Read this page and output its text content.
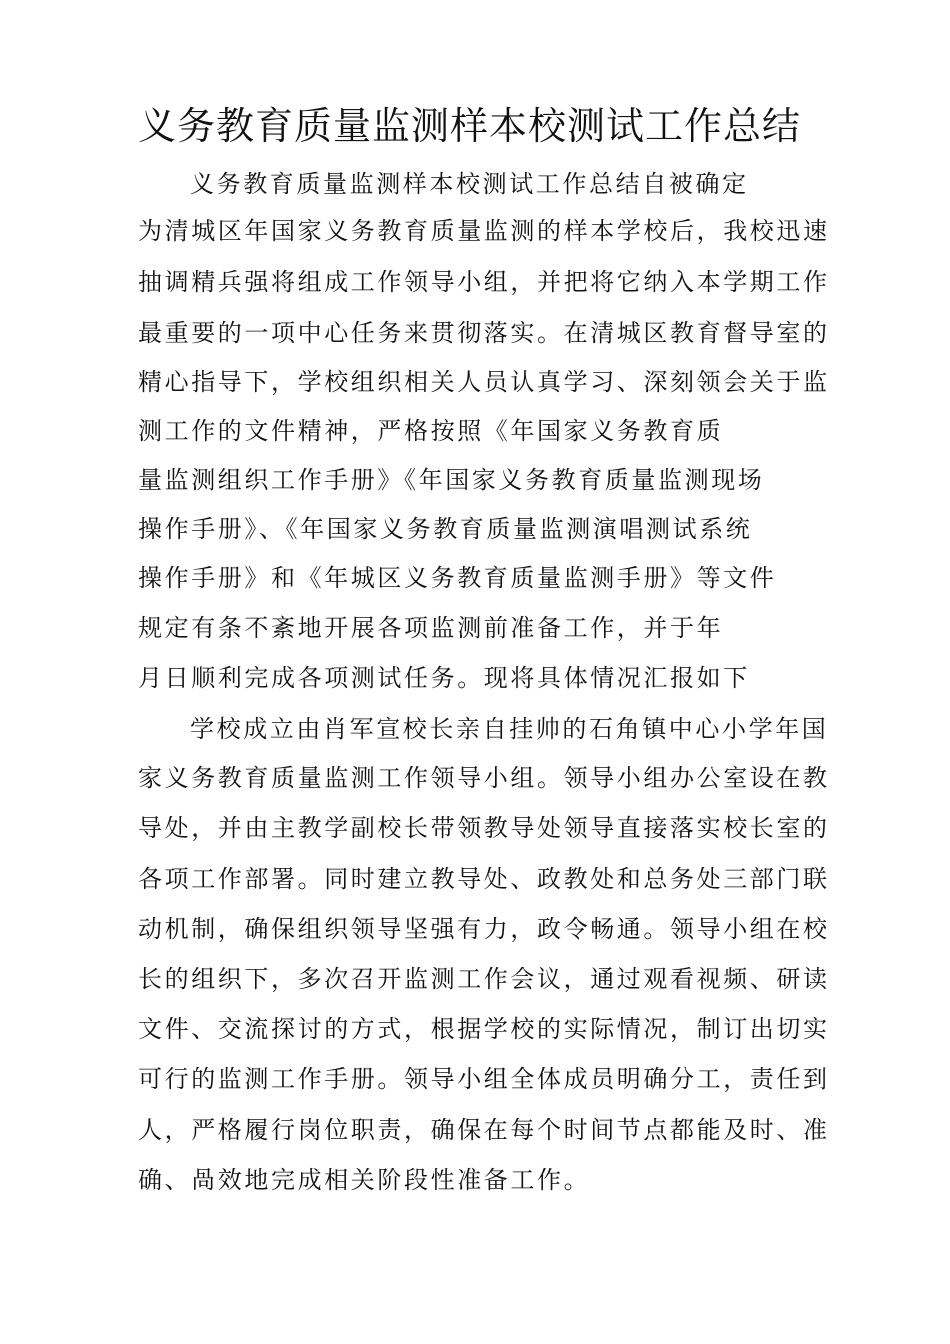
义务教育质量监测样本校测试工作总结
义务教育质量监测样本校测试工作总结自被确定
为清城区年国家义务教育质量监测的样本学校后，我校迅速
抽调精兵强将组成工作领导小组，并把将它纳入本学期工作
最重要的一项中心任务来贯彻落实。在清城区教育督导室的
精心指导下，学校组织相关人员认真学习、深刻领会关于监
测工作的文件精神，严格按照《年国家义务教育质
量监测组织工作手册》《年国家义务教育质量监测现场
操作手册》、《年国家义务教育质量监测演唱测试系统
操作手册》和《年城区义务教育质量监测手册》等文件
规定有条不紊地开展各项监测前准备工作，并于年
月日顺利完成各项测试任务。现将具体情况汇报如下
学校成立由肖军宣校长亲自挂帅的石角镇中心小学年国
家义务教育质量监测工作领导小组。领导小组办公室设在教
导处，并由主教学副校长带领教导处领导直接落实校长室的
各项工作部署。同时建立教导处、政教处和总务处三部门联
动机制，确保组织领导坚强有力，政令畅通。领导小组在校
长的组织下，多次召开监测工作会议，通过观看视频、研读
文件、交流探讨的方式，根据学校的实际情况，制订出切实
可行的监测工作手册。领导小组全体成员明确分工，责任到
人，严格履行岗位职责，确保在每个时间节点都能及时、准
确、咼效地完成相关阶段性准备工作。
